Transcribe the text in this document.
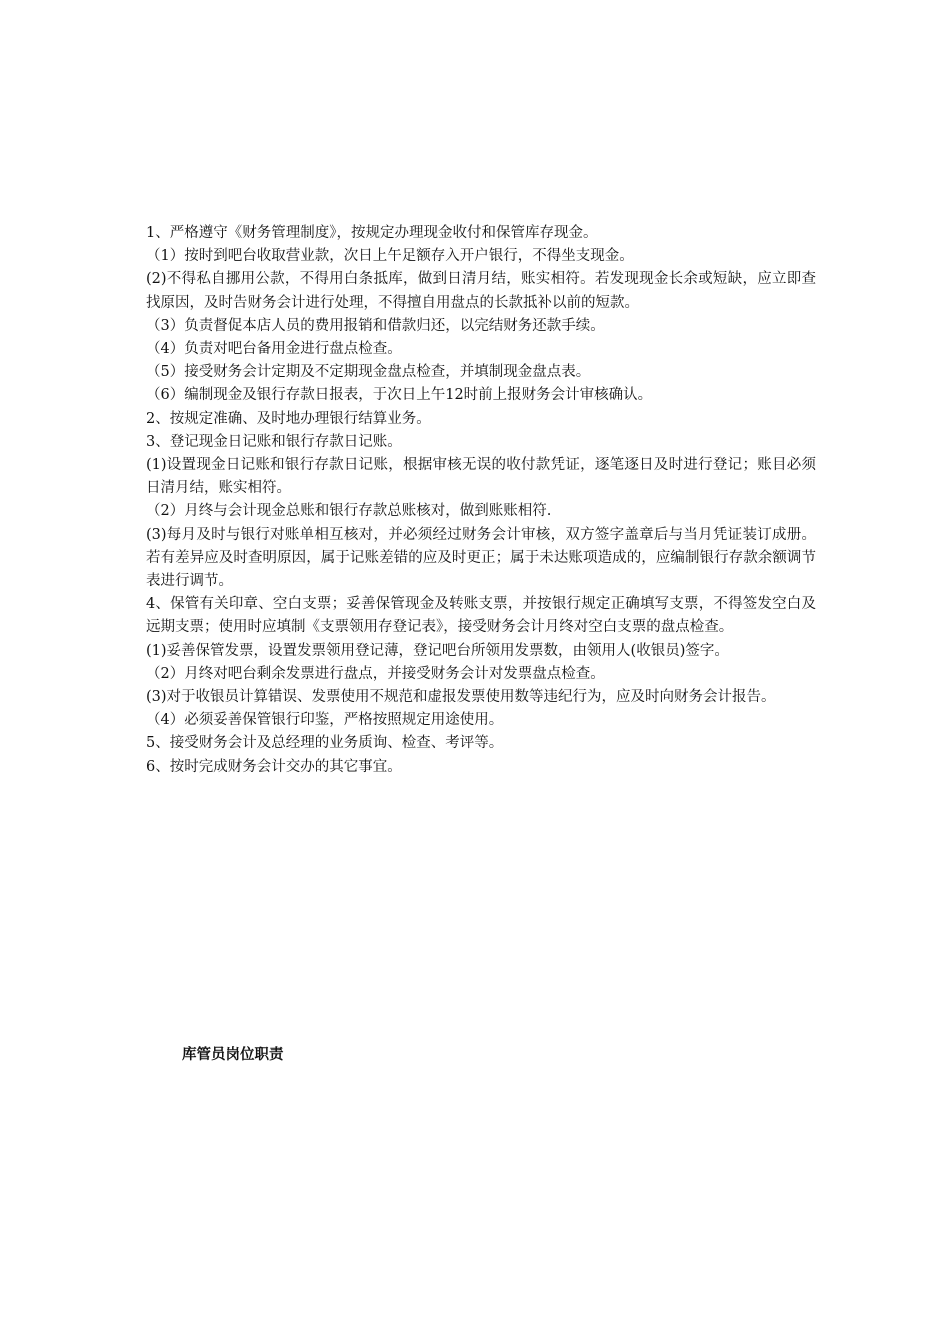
1、严格遵守《财务管理制度》，按规定办理现金收付和保管库存现金。

（1）按时到吧台收取营业款，次日上午足额存入开户银行，不得坐支现金。

(2)不得私自挪用公款，不得用白条抵库，做到日清月结，账实相符。若发现现金长余或短缺，应立即查找原因，及时告财务会计进行处理，不得擅自用盘点的长款抵补以前的短款。

（3）负责督促本店人员的费用报销和借款归还，以完结财务还款手续。

（4）负责对吧台备用金进行盘点检查。

（5）接受财务会计定期及不定期现金盘点检查，并填制现金盘点表。

（6）编制现金及银行存款日报表，于次日上午12时前上报财务会计审核确认。

2、按规定准确、及时地办理银行结算业务。

3、登记现金日记账和银行存款日记账。

(1)设置现金日记账和银行存款日记账，根据审核无误的收付款凭证，逐笔逐日及时进行登记；账目必须日清月结，账实相符。

（2）月终与会计现金总账和银行存款总账核对，做到账账相符.

(3)每月及时与银行对账单相互核对，并必须经过财务会计审核，双方签字盖章后与当月凭证装订成册。若有差异应及时查明原因，属于记账差错的应及时更正；属于未达账项造成的，应编制银行存款余额调节表进行调节。

4、保管有关印章、空白支票；妥善保管现金及转账支票，并按银行规定正确填写支票，不得签发空白及远期支票；使用时应填制《支票领用存登记表》，接受财务会计月终对空白支票的盘点检查。

(1)妥善保管发票，设置发票领用登记薄，登记吧台所领用发票数，由领用人(收银员)签字。

（2）月终对吧台剩余发票进行盘点，并接受财务会计对发票盘点检查。

(3)对于收银员计算错误、发票使用不规范和虚报发票使用数等违纪行为，应及时向财务会计报告。

（4）必须妥善保管银行印鉴，严格按照规定用途使用。

5、接受财务会计及总经理的业务质询、检查、考评等。

6、按时完成财务会计交办的其它事宜。

库管员岗位职责
